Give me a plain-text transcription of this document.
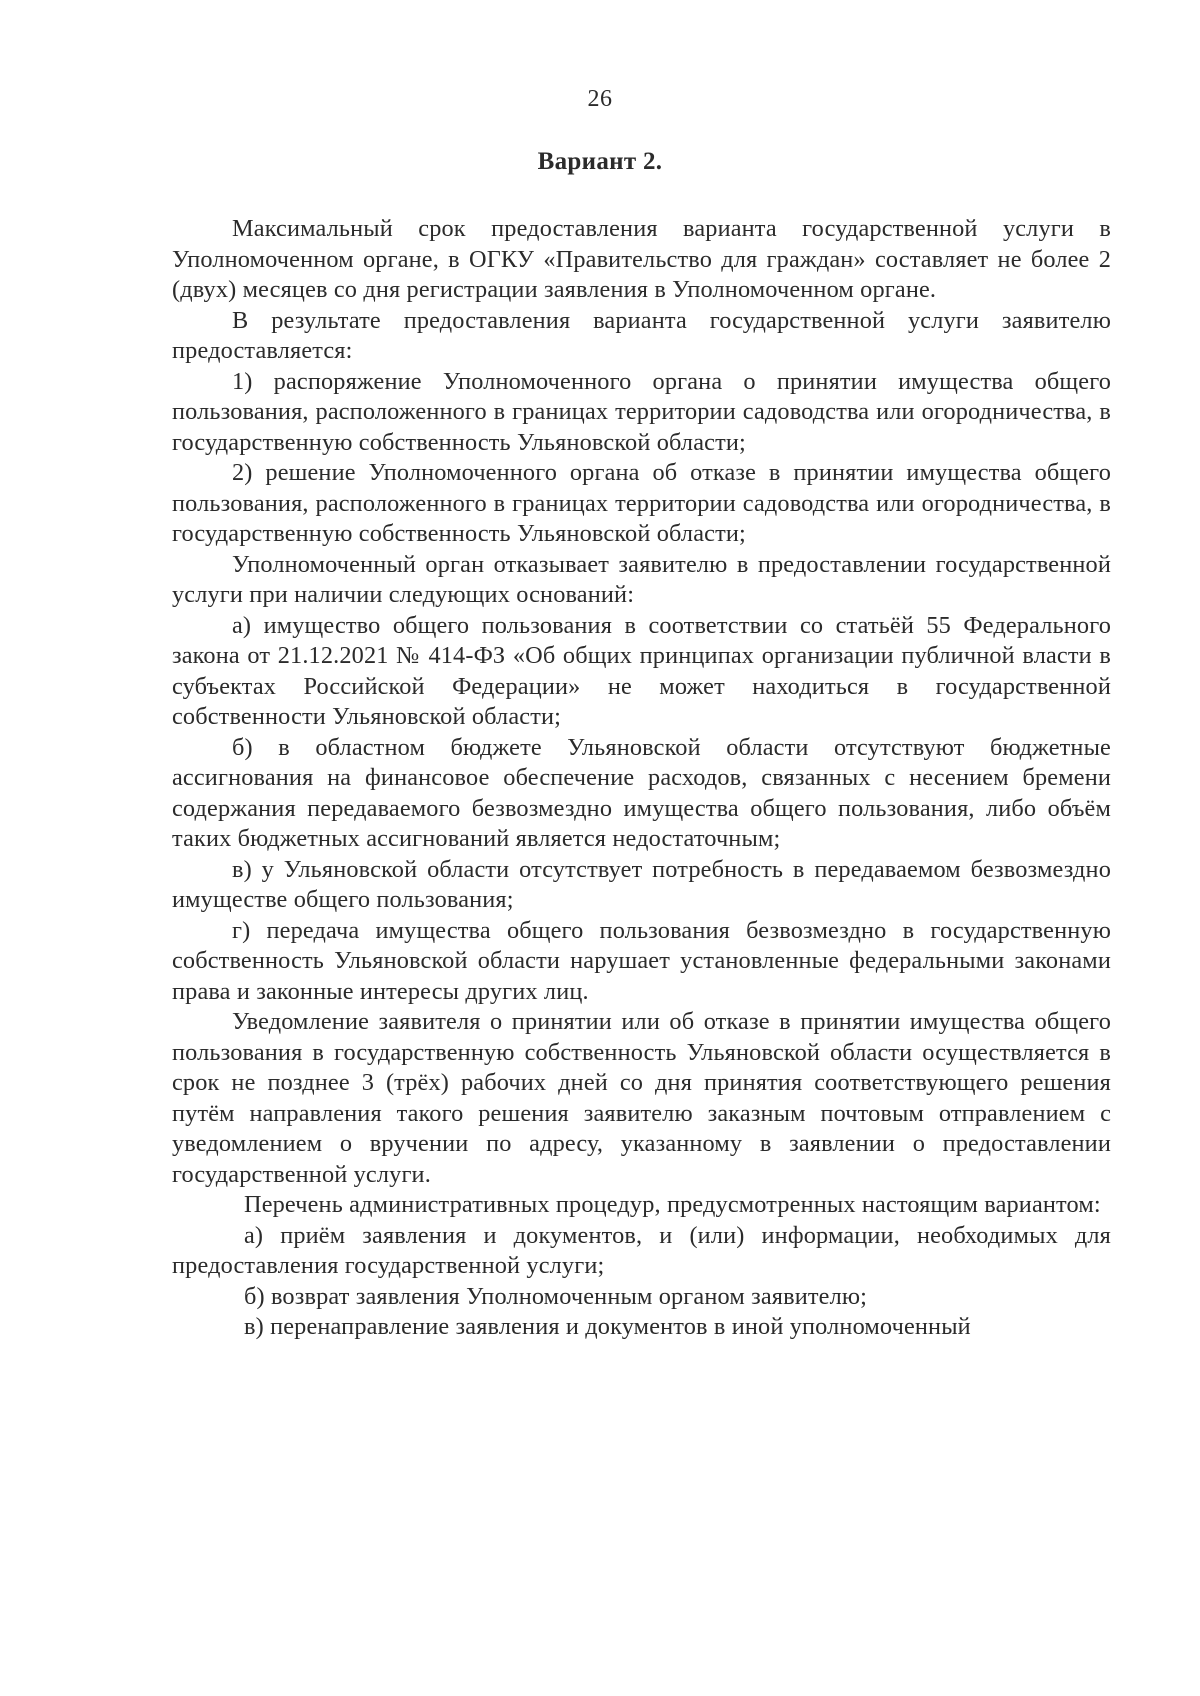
26
Вариант 2.

Максимальный срок предоставления варианта государственной услуги в Уполномоченном органе, в ОГКУ «Правительство для граждан» составляет не более 2 (двух) месяцев со дня регистрации заявления в Уполномоченном органе.

В результате предоставления варианта государственной услуги заявителю предоставляется:

1) распоряжение Уполномоченного органа о принятии имущества общего пользования, расположенного в границах территории садоводства или огородничества, в государственную собственность Ульяновской области;

2) решение Уполномоченного органа об отказе в принятии имущества общего пользования, расположенного в границах территории садоводства или огородничества, в государственную собственность Ульяновской области;

Уполномоченный орган отказывает заявителю в предоставлении государственной услуги при наличии следующих оснований:

а) имущество общего пользования в соответствии со статьёй 55 Федерального закона от 21.12.2021 № 414-ФЗ «Об общих принципах организации публичной власти в субъектах Российской Федерации» не может находиться в государственной собственности Ульяновской области;

б) в областном бюджете Ульяновской области отсутствуют бюджетные ассигнования на финансовое обеспечение расходов, связанных с несением бремени содержания передаваемого безвозмездно имущества общего пользования, либо объём таких бюджетных ассигнований является недостаточным;

в) у Ульяновской области отсутствует потребность в передаваемом безвозмездно имуществе общего пользования;

г) передача имущества общего пользования безвозмездно в государственную собственность Ульяновской области нарушает установленные федеральными законами права и законные интересы других лиц.

Уведомление заявителя о принятии или об отказе в принятии имущества общего пользования в государственную собственность Ульяновской области осуществляется в срок не позднее 3 (трёх) рабочих дней со дня принятия соответствующего решения путём направления такого решения заявителю заказным почтовым отправлением с уведомлением о вручении по адресу, указанному в заявлении о предоставлении государственной услуги.

Перечень административных процедур, предусмотренных настоящим вариантом:

а) приём заявления и документов, и (или) информации, необходимых для предоставления государственной услуги;

б) возврат заявления Уполномоченным органом заявителю;

в) перенаправление заявления и документов в иной уполномоченный
